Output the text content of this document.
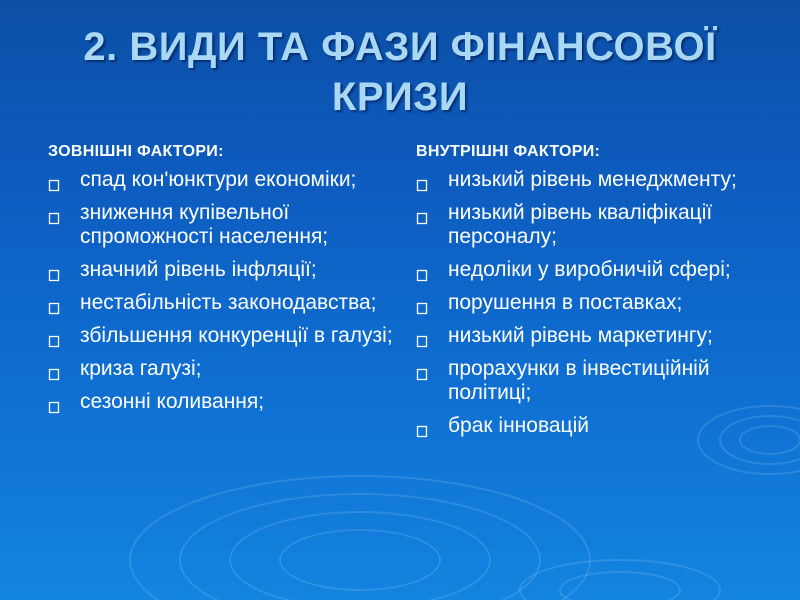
2. ВИДИ ТА ФАЗИ ФІНАНСОВОЇ КРИЗИ
ЗОВНІШНІ ФАКТОРИ:
спад кон'юнктури економіки;
зниження купівельної спроможності населення;
значний рівень інфляції;
нестабільність законодавства;
збільшення конкуренції в галузі;
криза галузі;
сезонні коливання;
ВНУТРІШНІ ФАКТОРИ:
низький рівень менеджменту;
низький рівень кваліфікації персоналу;
недоліки у виробничій сфері;
порушення в поставках;
низький рівень маркетингу;
прорахунки в інвестиційній політиці;
брак інновацій
